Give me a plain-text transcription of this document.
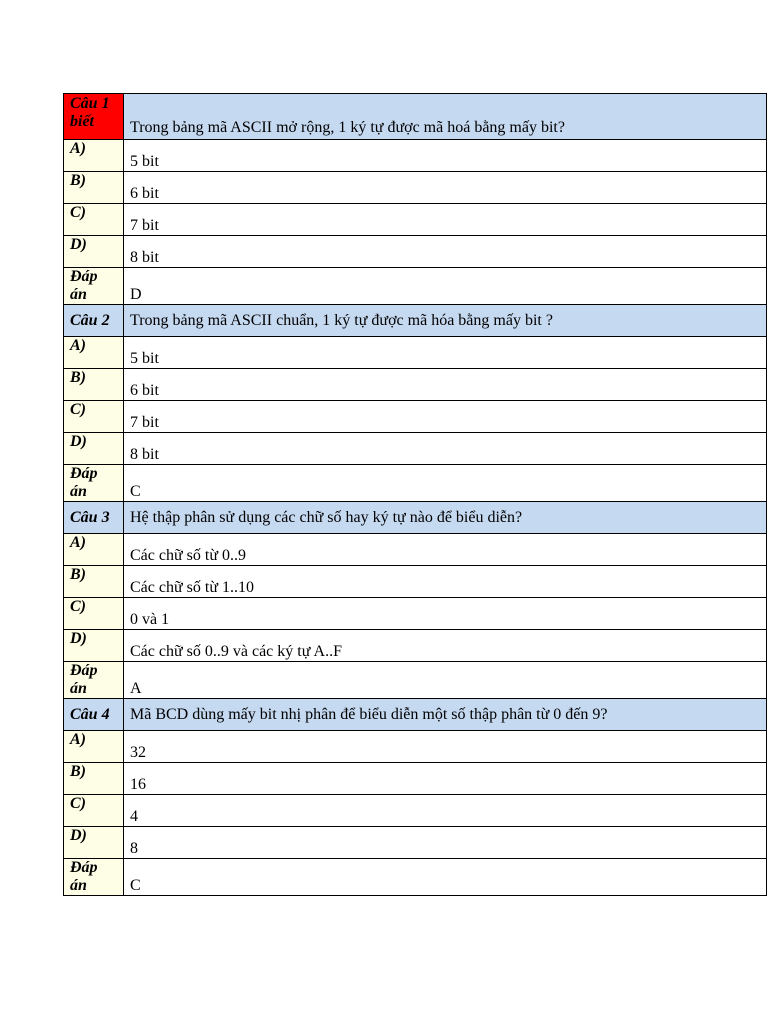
Câu 1 biết	Trong bảng mã ASCII mở rộng, 1 ký tự được mã hoá bằng mấy bit?
A)	5 bit
B)	6 bit
C)	7 bit
D)	8 bit
Đáp án	D
Câu 2	Trong bảng mã ASCII chuẩn, 1 ký tự được mã hóa bằng mấy bit ?
A)	5 bit
B)	6 bit
C)	7 bit
D)	8 bit
Đáp án	C
Câu 3	Hệ thập phân sử dụng các chữ số hay ký tự nào để biểu diễn?
A)	Các chữ số từ 0..9
B)	Các chữ số từ 1..10
C)	0 và 1
D)	Các chữ số 0..9 và các ký tự A..F
Đáp án	A
Câu 4	Mã BCD dùng mấy bit nhị phân để biểu diễn một số thập phân từ 0 đến 9?
A)	32
B)	16
C)	4
D)	8
Đáp án	C
